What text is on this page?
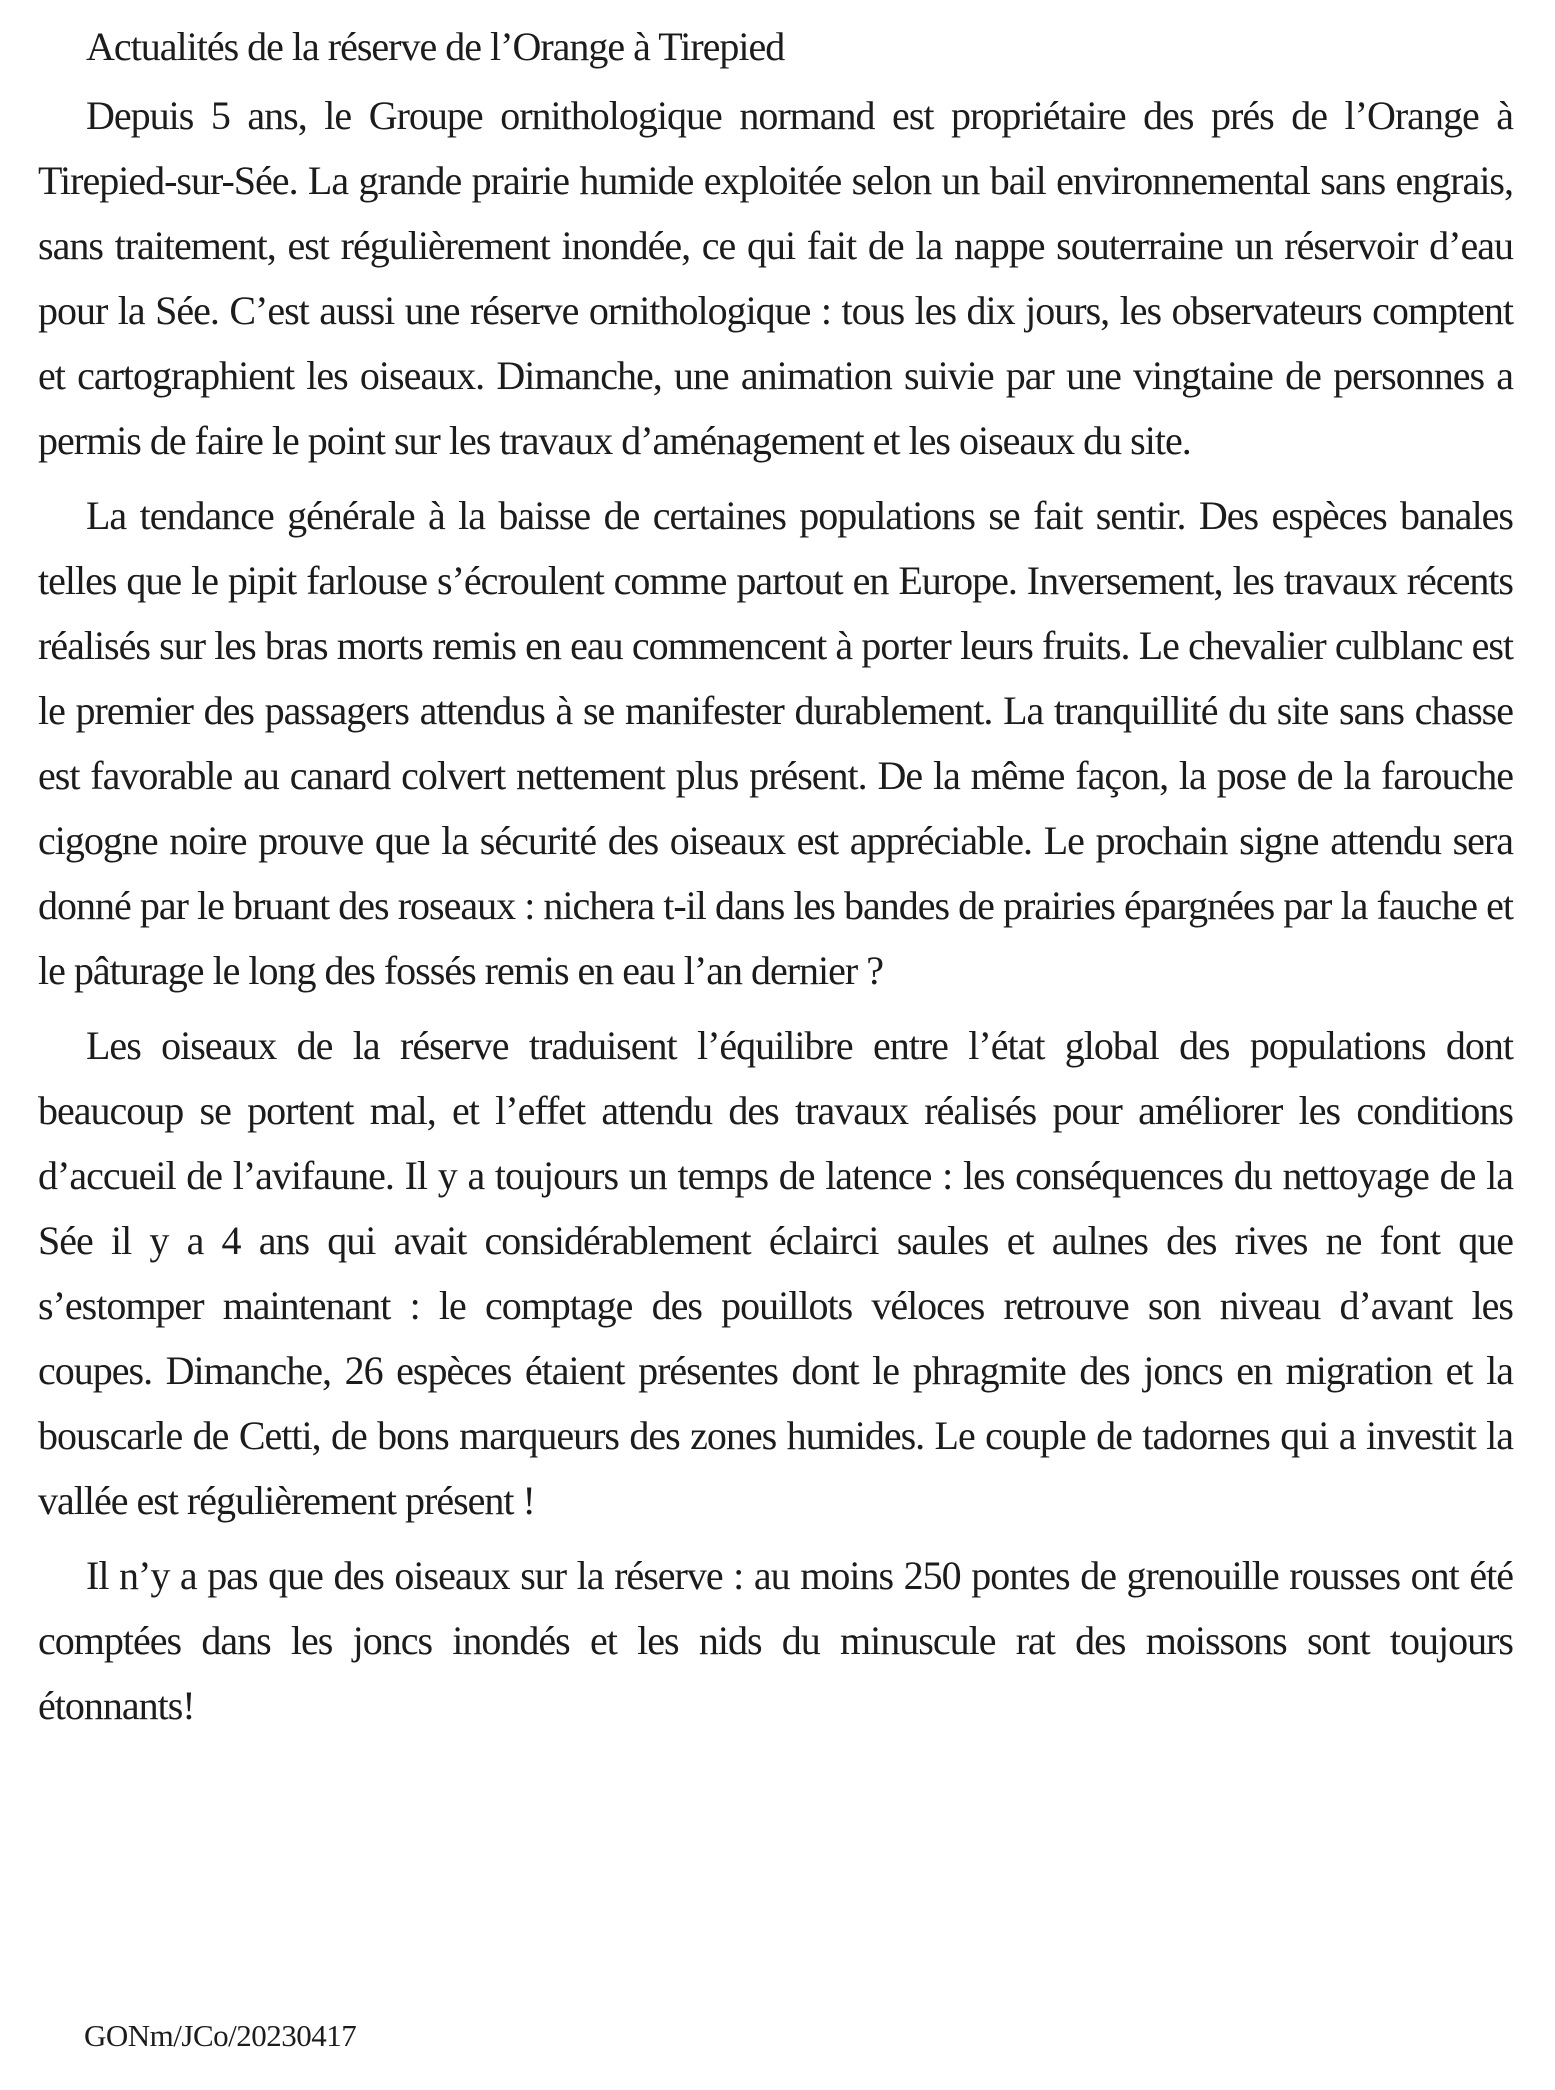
Actualités de la réserve de l’Orange à Tirepied

Depuis 5 ans, le Groupe ornithologique normand est propriétaire des prés de l’Orange à Tirepied-sur-Sée. La grande prairie humide exploitée selon un bail environnemental sans engrais, sans traitement, est régulièrement inondée, ce qui fait de la nappe souterraine un réservoir d’eau pour la Sée. C’est aussi une réserve ornithologique : tous les dix jours, les observateurs comptent et cartographient les oiseaux. Dimanche, une animation suivie par une vingtaine de personnes a permis de faire le point sur les travaux d’aménagement et les oiseaux du site.

La tendance générale à la baisse de certaines populations se fait sentir. Des espèces banales telles que le pipit farlouse s’écroulent comme partout en Europe. Inversement, les travaux récents réalisés sur les bras morts remis en eau commencent à porter leurs fruits. Le chevalier culblanc est le premier des passagers attendus à se manifester durablement. La tranquillité du site sans chasse est favorable au canard colvert nettement plus présent. De la même façon, la pose de la farouche cigogne noire prouve que la sécurité des oiseaux est appréciable. Le prochain signe attendu sera donné par le bruant des roseaux : nichera t-il dans les bandes de prairies épargnées par la fauche et le pâturage le long des fossés remis en eau l’an dernier ?

Les oiseaux de la réserve traduisent l’équilibre entre l’état global des populations dont beaucoup se portent mal, et l’effet attendu des travaux réalisés pour améliorer les conditions d’accueil de l’avifaune. Il y a toujours un temps de latence : les conséquences du nettoyage de la Sée il y a 4 ans qui avait considérablement éclairci saules et aulnes des rives ne font que s’estomper maintenant : le comptage des pouillots véloces retrouve son niveau d’avant les coupes. Dimanche, 26 espèces étaient présentes dont le phragmite des joncs en migration et la bouscarle de Cetti, de bons marqueurs des zones humides. Le couple de tadornes qui a investit la vallée est régulièrement présent !

Il n’y a pas que des oiseaux sur la réserve : au moins 250 pontes de grenouille rousses ont été comptées dans les joncs inondés et les nids du minuscule rat des moissons sont toujours étonnants!

GONm/JCo/20230417
